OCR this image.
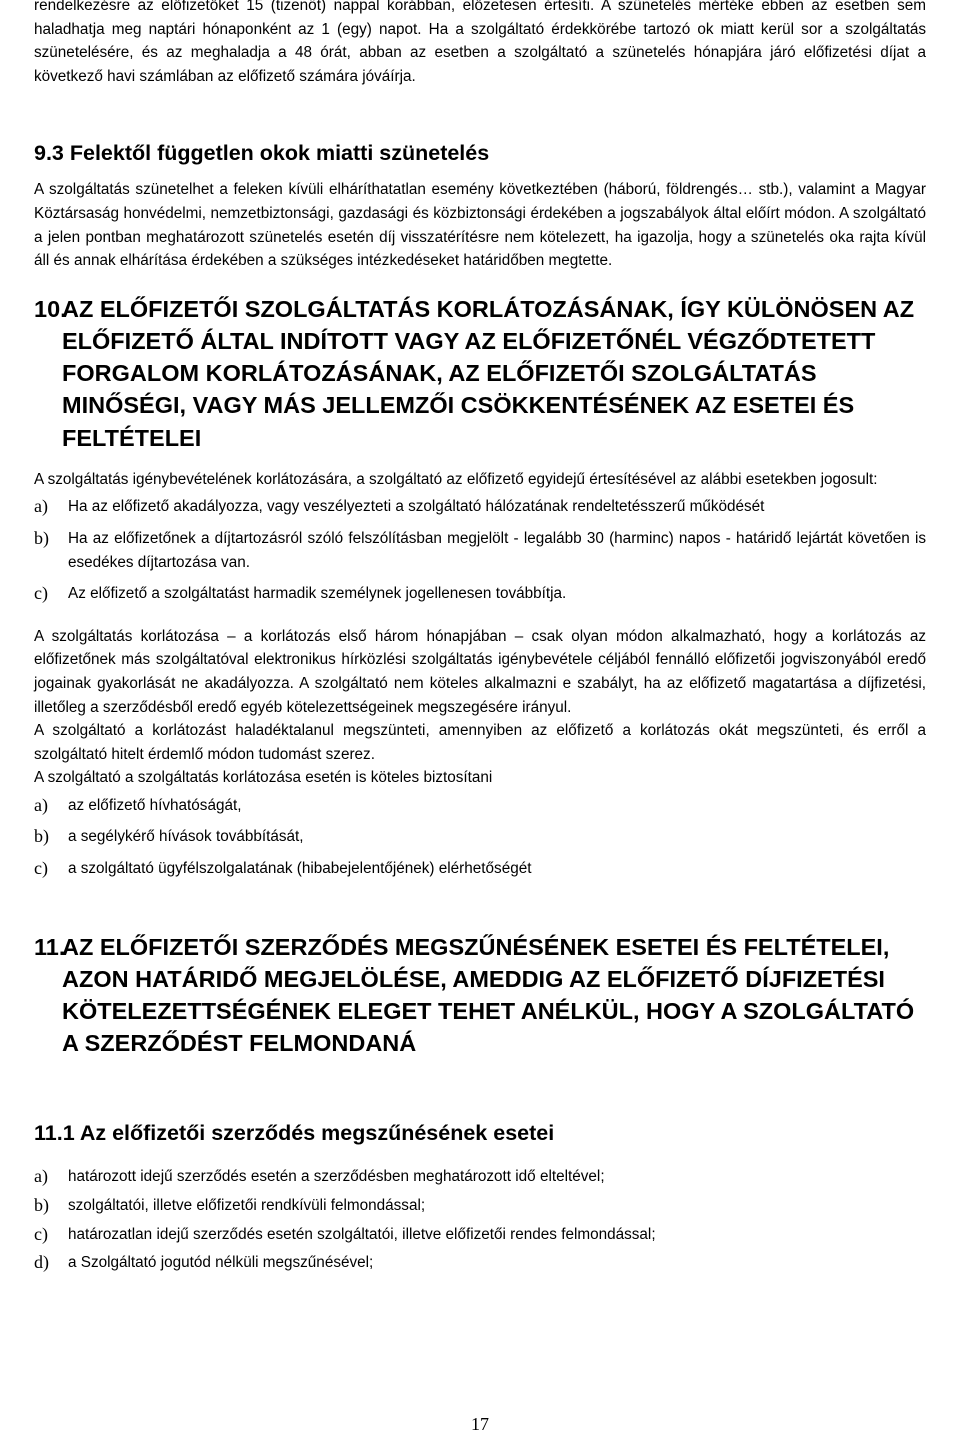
rendelkezésre az előfizetőket 15 (tizenöt) nappal korábban, előzetesen értesíti. A szünetelés mértéke ebben az esetben sem haladhatja meg naptári hónaponként az 1 (egy) napot. Ha a szolgáltató érdekkörébe tartozó ok miatt kerül sor a szolgáltatás szünetelésére, és az meghaladja a 48 órát, abban az esetben a szolgáltató a szünetelés hónapjára járó előfizetési díjat a következő havi számlában az előfizető számára jóváírja.

9.3 Felektől független okok miatti szünetelés

A szolgáltatás szünetelhet a feleken kívüli elháríthatatlan esemény következtében (háború, földrengés… stb.), valamint a Magyar Köztársaság honvédelmi, nemzetbiztonsági, gazdasági és közbiztonsági érdekében a jogszabályok által előírt módon. A szolgáltató a jelen pontban meghatározott szünetelés esetén díj visszatérítésre nem kötelezett, ha igazolja, hogy a szünetelés oka rajta kívül áll és annak elhárítása érdekében a szükséges intézkedéseket határidőben megtette.

10.AZ ELŐFIZETŐI SZOLGÁLTATÁS KORLÁTOZÁSÁNAK, ÍGY KÜLÖNÖSEN AZ ELŐFIZETŐ ÁLTAL INDÍTOTT VAGY AZ ELŐFIZETŐNÉL VÉGZŐDTETETT FORGALOM KORLÁTOZÁSÁNAK, AZ ELŐFIZETŐI SZOLGÁLTATÁS MINŐSÉGI, VAGY MÁS JELLEMZŐI CSÖKKENTÉSÉNEK AZ ESETEI ÉS FELTÉTELEI

A szolgáltatás igénybevételének korlátozására, a szolgáltató az előfizető egyidejű értesítésével az alábbi esetekben jogosult:

a) Ha az előfizető akadályozza, vagy veszélyezteti a szolgáltató hálózatának rendeltetésszerű működését
b) Ha az előfizetőnek a díjtartozásról szóló felszólításban megjelölt - legalább 30 (harminc) napos - határidő lejártát követően is esedékes díjtartozása van.
c) Az előfizető a szolgáltatást harmadik személynek jogellenesen továbbítja.

A szolgáltatás korlátozása – a korlátozás első három hónapjában – csak olyan módon alkalmazható, hogy a korlátozás az előfizetőnek más szolgáltatóval elektronikus hírközlési szolgáltatás igénybevétele céljából fennálló előfizetői jogviszonyából eredő jogainak gyakorlását ne akadályozza. A szolgáltató nem köteles alkalmazni e szabályt, ha az előfizető magatartása a díjfizetési, illetőleg a szerződésből eredő egyéb kötelezettségeinek megszegésére irányul.

A szolgáltató a korlátozást haladéktalanul megszünteti, amennyiben az előfizető a korlátozás okát megszünteti, és erről a szolgáltató hitelt érdemlő módon tudomást szerez.

A szolgáltató a szolgáltatás korlátozása esetén is köteles biztosítani

a) az előfizető hívhatóságát,
b) a segélykérő hívások továbbítását,
c) a szolgáltató ügyfélszolgalatának (hibabejelentőjének) elérhetőségét
11.AZ ELŐFIZETŐI SZERZŐDÉS MEGSZŰNÉSÉNEK ESETEI ÉS FELTÉTELEI, AZON HATÁRIDŐ MEGJELÖLÉSE, AMEDDIG AZ ELŐFIZETŐ DÍJFIZETÉSI KÖTELEZETTSÉGÉNEK ELEGET TEHET ANÉLKÜL, HOGY A SZOLGÁLTATÓ A SZERZŐDÉST FELMONDANÁ
11.1 Az előfizetői szerződés megszűnésének esetei
a) határozott idejű szerződés esetén a szerződésben meghatározott idő elteltével;
b) szolgáltatói, illetve előfizetői rendkívüli felmondással;
c) határozatlan idejű szerződés esetén szolgáltatói, illetve előfizetői rendes felmondással;
d) a Szolgáltató jogutód nélküli megszűnésével;
17
